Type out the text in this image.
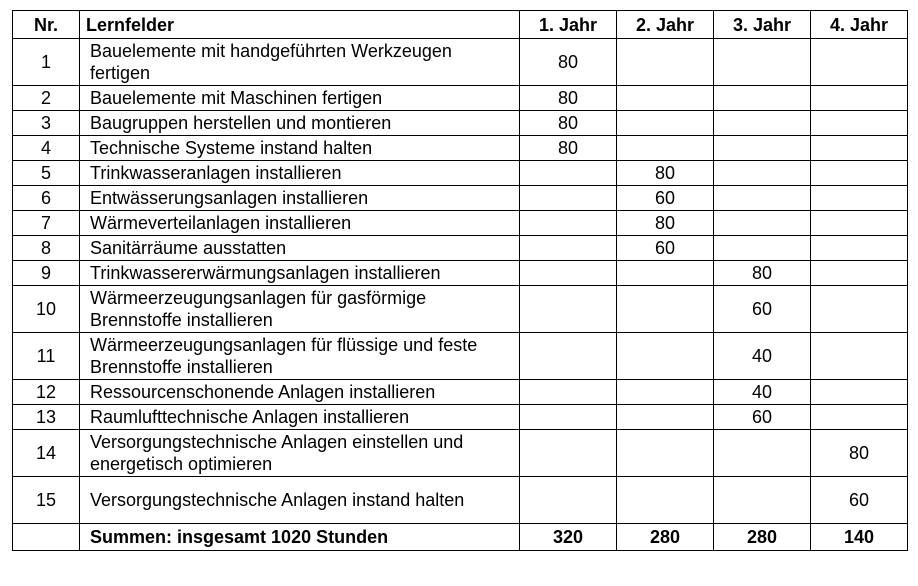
Nr.	Lernfelder	1. Jahr	2. Jahr	3. Jahr	4. Jahr
1	Bauelemente mit handgeführten Werkzeugen fertigen	80			
2	Bauelemente mit Maschinen fertigen	80			
3	Baugruppen herstellen und montieren	80			
4	Technische Systeme instand halten	80			
5	Trinkwasseranlagen installieren		80		
6	Entwässerungsanlagen installieren		60		
7	Wärmeverteilanlagen installieren		80		
8	Sanitärräume ausstatten		60		
9	Trinkwassererwärmungsanlagen installieren			80	
10	Wärmeerzeugungsanlagen für gasförmige Brennstoffe installieren			60	
11	Wärmeerzeugungsanlagen für flüssige und feste Brennstoffe installieren			40	
12	Ressourcenschonende Anlagen installieren			40	
13	Raumlufttechnische Anlagen installieren			60	
14	Versorgungstechnische Anlagen einstellen und energetisch optimieren				80
15	Versorgungstechnische Anlagen instand halten				60
	Summen: insgesamt 1020 Stunden	320	280	280	140
